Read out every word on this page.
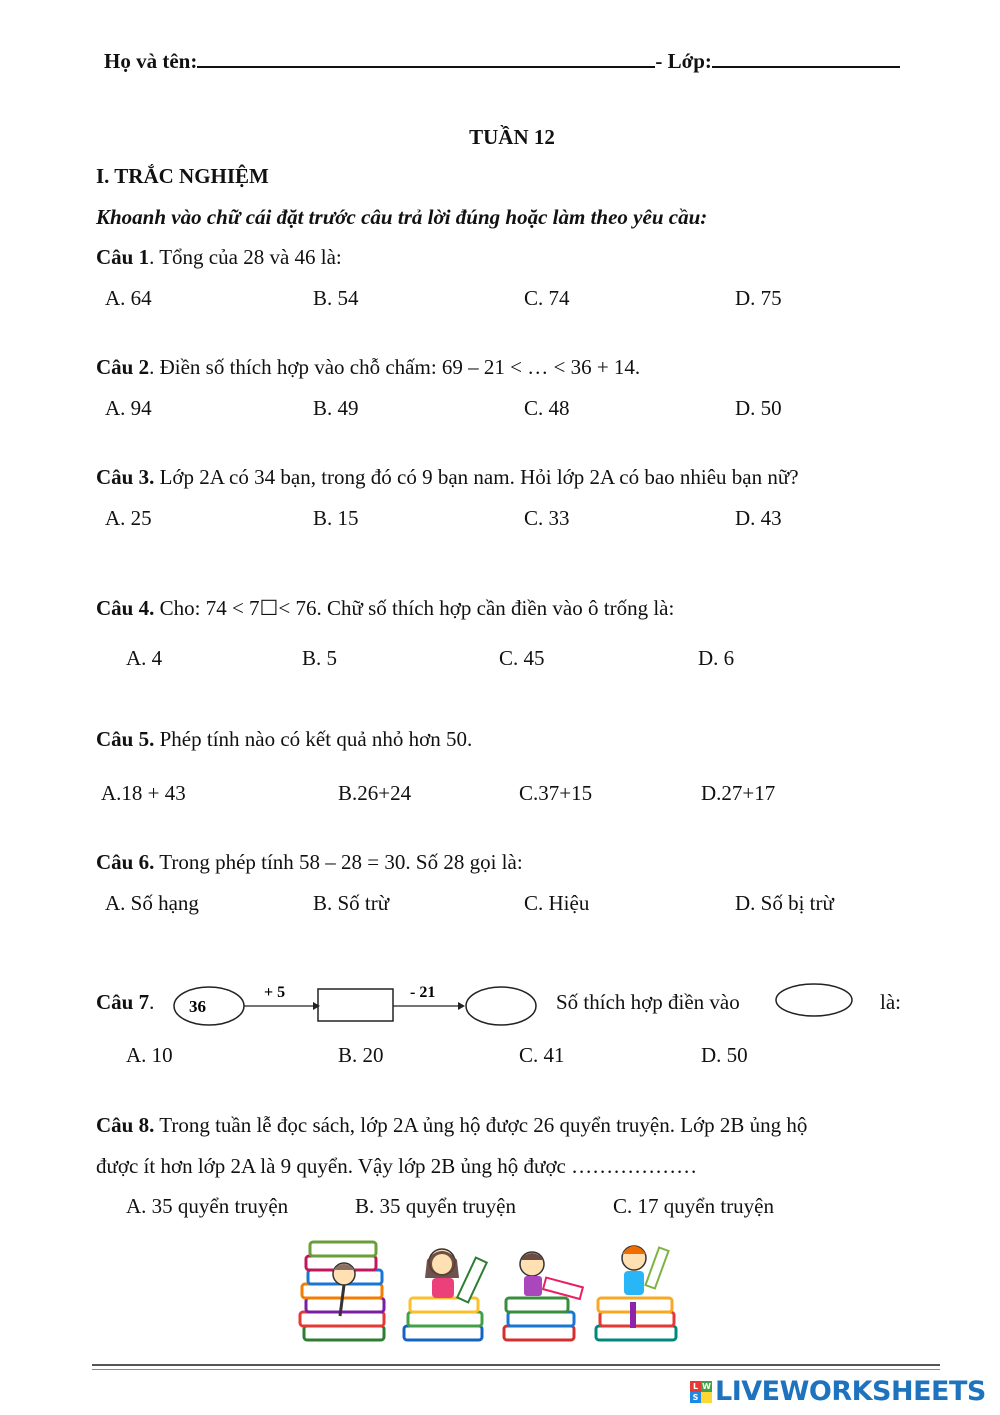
Họ và tên:	- Lớp:
TUẦN 12
I. TRẮC NGHIỆM
Khoanh vào chữ cái đặt trước câu trả lời đúng hoặc làm theo yêu cầu:
Câu 1. Tổng của 28 và 46 là:
A. 64	B. 54	C. 74	D. 75
Câu 2. Điền số thích hợp vào chỗ chấm: 69 – 21 < … < 36 + 14.
A. 94	B. 49	C. 48	D. 50
Câu 3. Lớp 2A có 34 bạn, trong đó có 9 bạn nam. Hỏi lớp 2A có bao nhiêu bạn nữ?
A. 25	B. 15	C. 33	D. 43
Câu 4. Cho: 74 < 7☐< 76. Chữ số thích hợp cần điền vào ô trống là:
A. 4	B. 5	C. 45	D. 6
Câu 5. Phép tính nào có kết quả nhỏ hơn 50.
A.18 + 43	B.26+24	C.37+15	D.27+17
Câu 6. Trong phép tính 58 – 28 = 30. Số 28 gọi là:
A. Số hạng	B. Số trừ	C. Hiệu	D. Số bị trừ
Câu 7. 36
+ 5	- 21	Số thích hợp điền vào	là:
A. 10	B. 20	C. 41	D. 50
Câu 8. Trong tuần lễ đọc sách, lớp 2A ủng hộ được 26 quyển truyện. Lớp 2B ủng hộ
được ít hơn lớp 2A là 9 quyển. Vậy lớp 2B ủng hộ được ………………
A. 35 quyển truyện	B. 35 quyển truyện	C. 17 quyển truyện
L W
S LIVEWORKSHEETS
